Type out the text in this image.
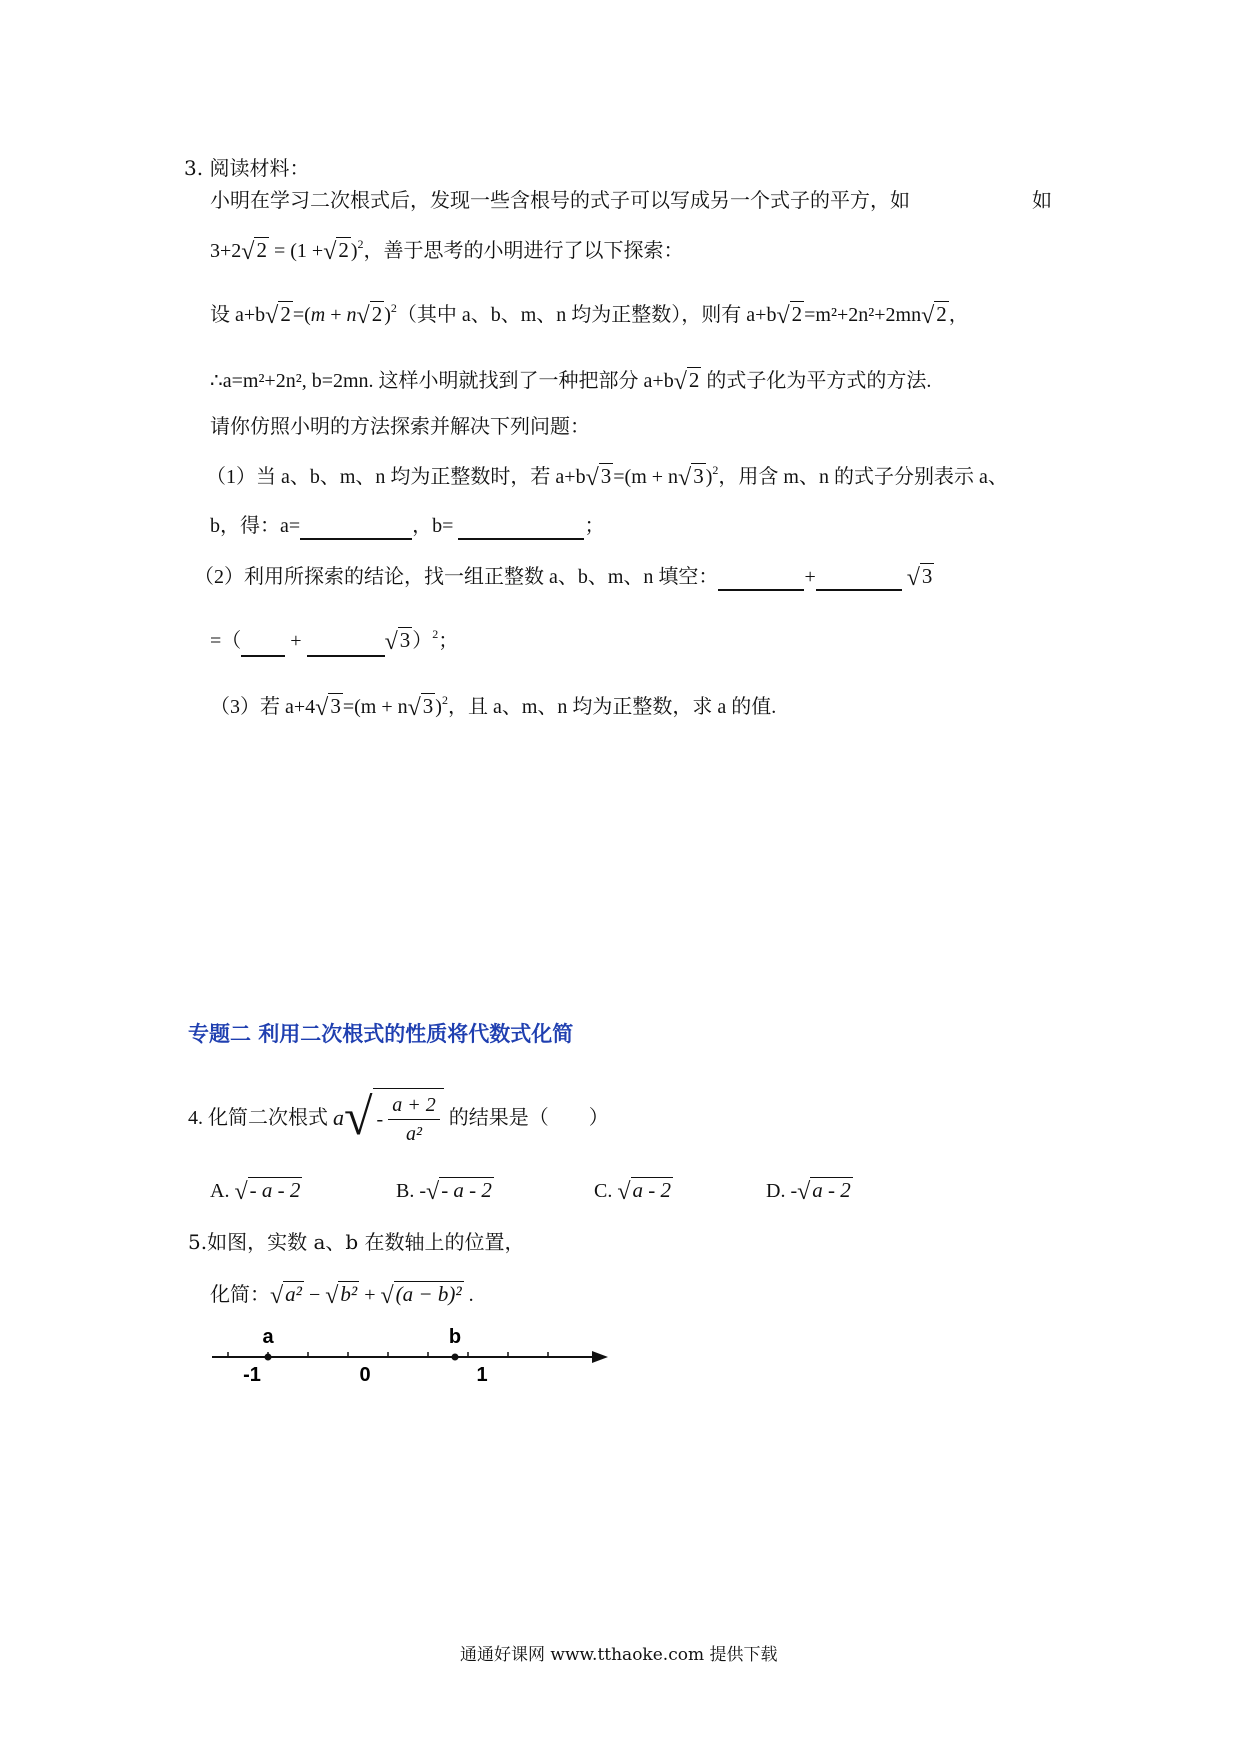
3. 阅读材料：
小明在学习二次根式后，发现一些含根号的式子可以写成另一个式子的平方，如	如
3+2√2 = (1 +√2 )$^2$，善于思考的小明进行了以下探索：
设 a+b√2 =(m + n√2 )$^2$（其中 a、b、m、n 均为正整数），则有 a+b√2 =m²+2n²+2mn√2 ，
∴a=m²+2n², b=2mn. 这样小明就找到了一种把部分 a+b√2 的式子化为平方式的方法.
请你仿照小明的方法探索并解决下列问题：
（1）当 a、b、m、n 均为正整数时，若 a+b√3 =(m + n√3 )$^2$，用含 m、n 的式子分别表示 a、
b，得：a=	，b=	；
（2）利用所探索的结论，找一组正整数 a、b、m、n 填空：	+	√3
=（ +	√3 ）$^2$；
（3）若 a+4√3 =(m + n√3 )$^2$，且 a、m、n 均为正整数，求 a 的值.
专题二 利用二次根式的性质将代数式化简
4. 化简二次根式 $a√ - \frac{a + 2}{\text{a²}}$ 的结果是（　　）
A. √- a - 2	B. -√- a - 2	C. √a - 2	D. -√a - 2
5.如图，实数 a、b 在数轴上的位置，
化简：√a² − √b² + √(a − b)² .
a	b
-1	0	1
通通好课网 www.tthaoke.com 提供下载
